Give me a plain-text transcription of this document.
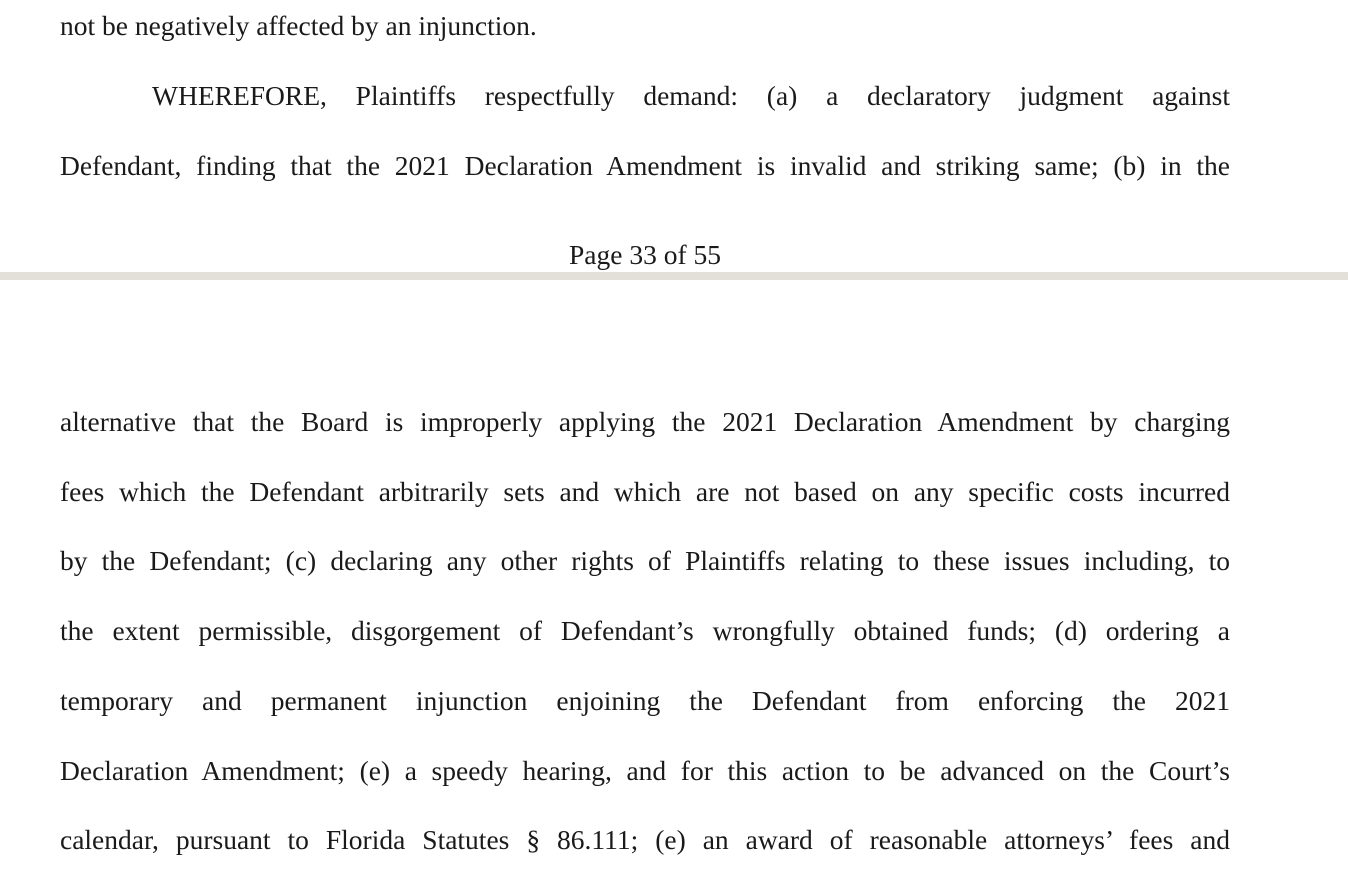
not be negatively affected by an injunction.
WHEREFORE, Plaintiffs respectfully demand: (a) a declaratory judgment against
Defendant, finding that the 2021 Declaration Amendment is invalid and striking same; (b) in the
Page 33 of 55
alternative that the Board is improperly applying the 2021 Declaration Amendment by charging
fees which the Defendant arbitrarily sets and which are not based on any specific costs incurred
by the Defendant; (c) declaring any other rights of Plaintiffs relating to these issues including, to
the extent permissible, disgorgement of Defendant’s wrongfully obtained funds; (d) ordering a
temporary and permanent injunction enjoining the Defendant from enforcing the 2021
Declaration Amendment; (e) a speedy hearing, and for this action to be advanced on the Court’s
calendar, pursuant to Florida Statutes § 86.111; (e) an award of reasonable attorneys’ fees and
